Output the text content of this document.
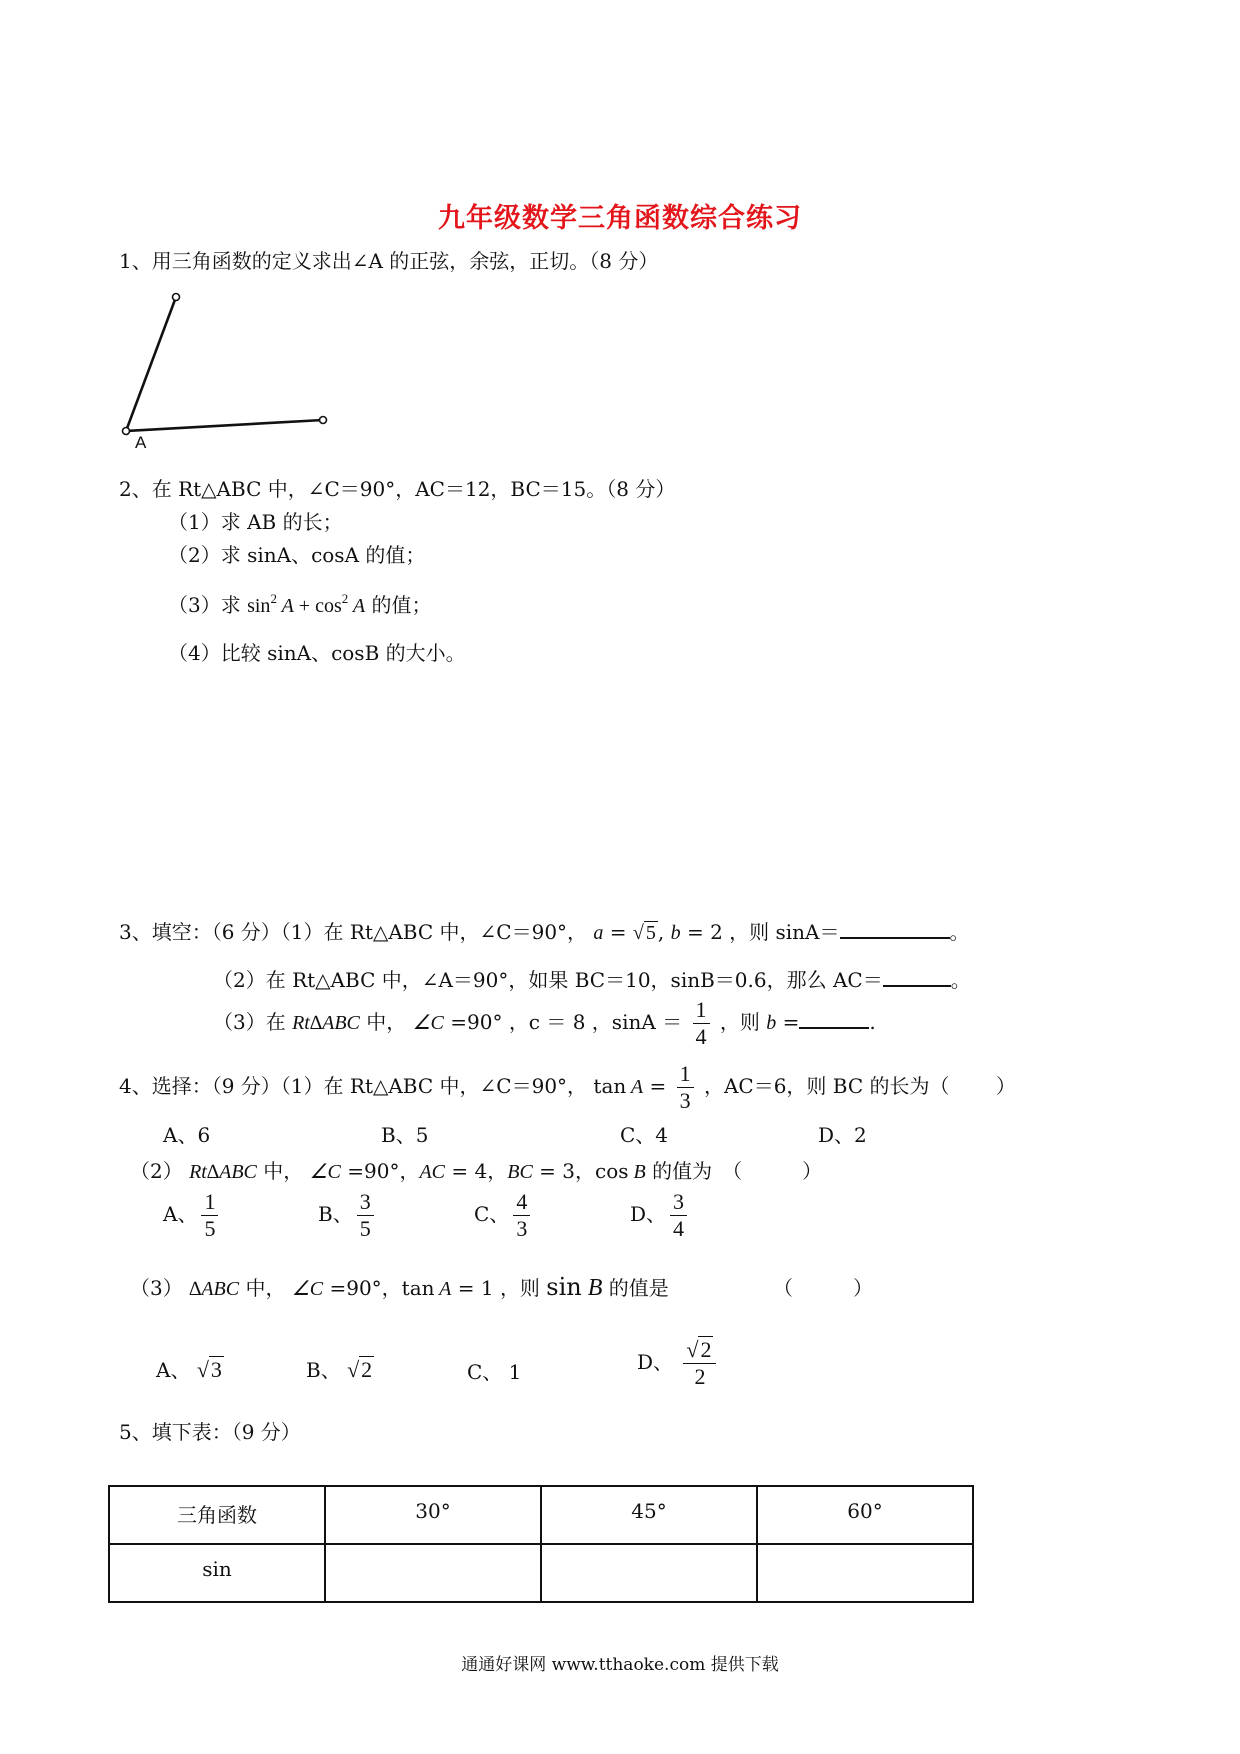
九年级数学三角函数综合练习
1、用三角函数的定义求出∠A 的正弦，余弦，正切。（8 分）
A
2、在 Rt△ABC 中，∠C＝90°，AC＝12，BC＝15。（8 分）
（1）求 AB 的长；
（2）求 sinA、cosA 的值；
（3）求 $\sin^2 A + \cos^2 A$ 的值；
（4）比较 sinA、cosB 的大小。
3、填空：（6 分）（1）在 Rt△ABC 中，∠C＝90°， a = √ 5 , b = 2 ，则 sinA＝	。
（2）在 Rt△ABC 中，∠A＝90°，如果 BC＝10，sinB＝0.6，那么 AC＝	。
（3）在 Rt∆ABC 中， ∠C =90° ，c ＝ 8 ，$\sin A = \frac{1}{4}$ ，则 b =	.
4、选择：（9 分）（1）在 Rt△ABC 中，∠C＝90°， $\tan A = \frac{1}{3}$ ，AC＝6，则 BC 的长为（　　 ）
A、6	B、5	C、4	D、2
（2） Rt∆ABC 中， ∠C =90°，AC = 4，BC = 3，cos B 的值为　（　　　）
A、 $\frac{1}{5}$	B、 $\frac{3}{5}$	C、 $\frac{4}{3}$	D、 $\frac{3}{4}$
（3） ∆ABC 中， ∠C =90°，tan A = 1 ，则 sin B 的值是	（　　　）
A、 √3	B、 √2	C、 1	D、 $\frac{√2}{2}$
5、填下表：（9 分）
三角函数	30°	45°	60°
sin			
通通好课网 www.tthaoke.com 提供下载
